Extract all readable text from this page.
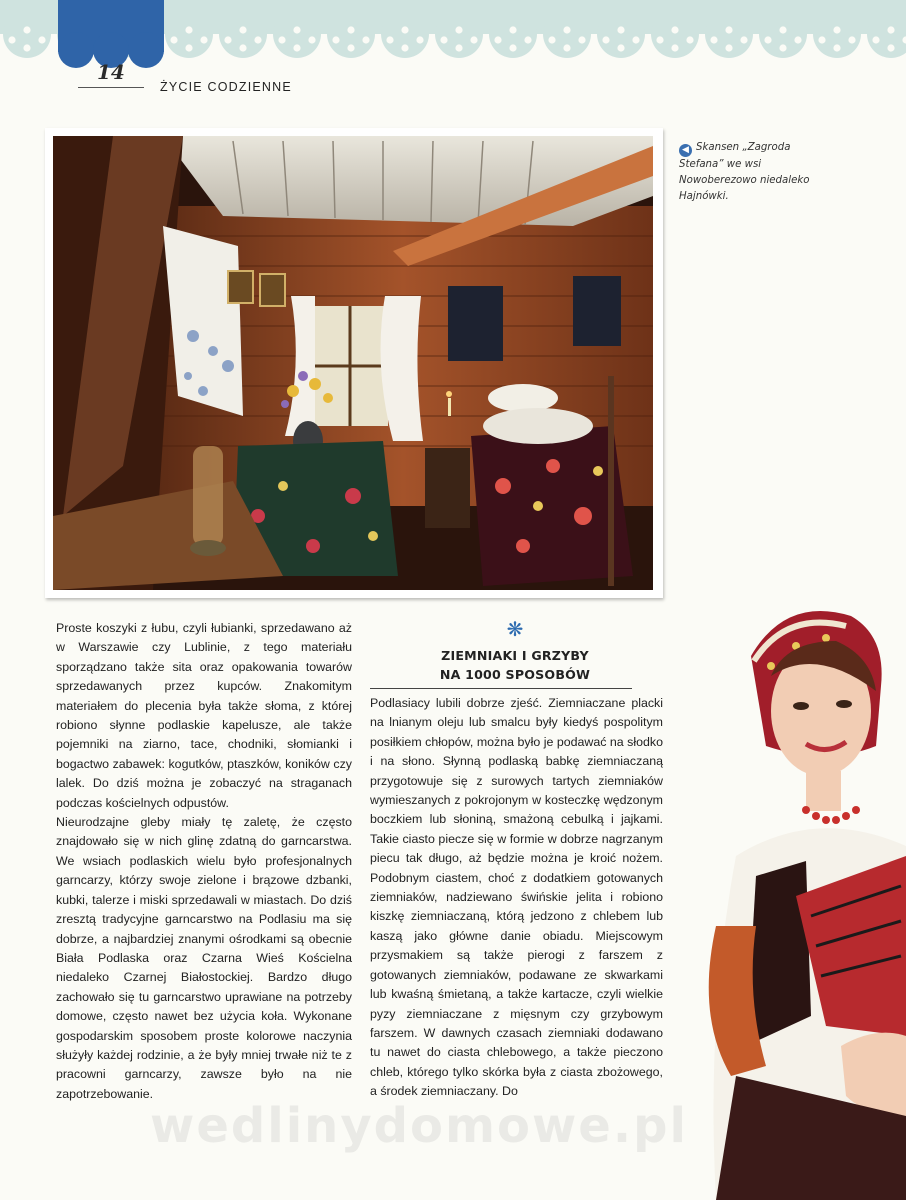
14
ŻYCIE CODZIENNE
◀ Skansen „Zagroda Stefana” we wsi Nowoberezowo niedaleko Hajnówki.

Proste koszyki z łubu, czyli łubianki, sprzedawano aż w Warszawie czy Lublinie, z tego materiału sporządzano także sita oraz opakowania towarów sprzedawanych przez kupców. Znakomitym materiałem do plecenia była także słoma, z której robiono słynne podlaskie kapelusze, ale także pojemniki na ziarno, tace, chodniki, słomianki i bogactwo zabawek: kogutków, ptaszków, koników czy lalek. Do dziś można je zobaczyć na straganach podczas kościelnych odpustów.

Nieurodzajne gleby miały tę zaletę, że często znajdowało się w nich glinę zdatną do garncarstwa. We wsiach podlaskich wielu było profesjonalnych garncarzy, którzy swoje zielone i brązowe dzbanki, kubki, talerze i miski sprzedawali w miastach. Do dziś zresztą tradycyjne garncarstwo na Podlasiu ma się dobrze, a najbardziej znanymi ośrodkami są obecnie Biała Podlaska oraz Czarna Wieś Kościelna niedaleko Czarnej Białostockiej. Bardzo długo zachowało się tu garncarstwo uprawiane na potrzeby domowe, często nawet bez użycia koła. Wykonane gospodarskim sposobem proste kolorowe naczynia służyły każdej rodzinie, a że były mniej trwałe niż te z pracowni garncarzy, zawsze było na nie zapotrzebowanie.

❋
ZIEMNIAKI I GRZYBY
NA 1000 SPOSOBÓW

Podlasiacy lubili dobrze zjeść. Ziemniaczane placki na lnianym oleju lub smalcu były kiedyś pospolitym posiłkiem chłopów, można było je podawać na słodko i na słono. Słynną podlaską babkę ziemniaczaną przygotowuje się z surowych tartych ziemniaków wymieszanych z pokrojonym w kosteczkę wędzonym boczkiem lub słoniną, smażoną cebulką i jajkami. Takie ciasto piecze się w formie w dobrze nagrzanym piecu tak długo, aż będzie można je kroić nożem. Podobnym ciastem, choć z dodatkiem gotowanych ziemniaków, nadziewano świńskie jelita i robiono kiszkę ziemniaczaną, którą jedzono z chlebem lub kaszą jako główne danie obiadu. Miejscowym przysmakiem są także pierogi z farszem z gotowanych ziemniaków, podawane ze skwarkami lub kwaśną śmietaną, a także kartacze, czyli wielkie pyzy ziemniaczane z mięsnym czy grzybowym farszem. W dawnych czasach ziemniaki dodawano tu nawet do ciasta chlebowego, a także pieczono chleb, którego tylko skórka była z ciasta zbożowego, a środek ziemniaczany. Do

wedlinydomowe.pl
